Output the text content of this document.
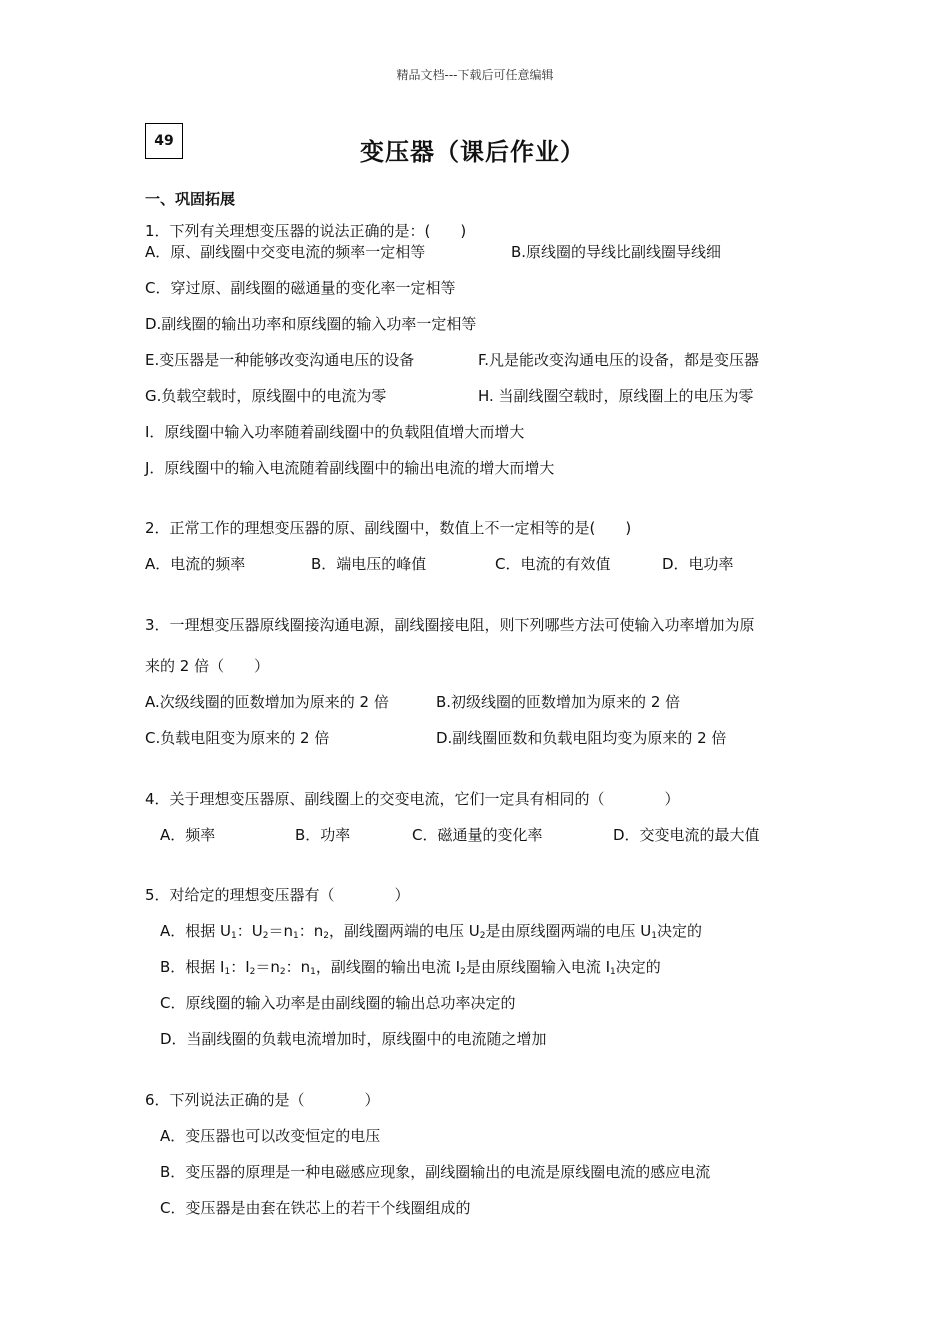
精品文档---下载后可任意编辑
49	变压器（课后作业）
一、巩固拓展
1．下列有关理想变压器的说法正确的是：(　　)
A．原、副线圈中交变电流的频率一定相等	B.原线圈的导线比副线圈导线细
C．穿过原、副线圈的磁通量的变化率一定相等
D.副线圈的输出功率和原线圈的输入功率一定相等
E.变压器是一种能够改变沟通电压的设备	F.凡是能改变沟通电压的设备，都是变压器
G.负载空载时，原线圈中的电流为零	H. 当副线圈空载时，原线圈上的电压为零
I．原线圈中输入功率随着副线圈中的负载阻值增大而增大
J．原线圈中的输入电流随着副线圈中的输出电流的增大而增大
2．正常工作的理想变压器的原、副线圈中，数值上不一定相等的是(　　)
A．电流的频率	B．端电压的峰值	C．电流的有效值	D．电功率
3．一理想变压器原线圈接沟通电源，副线圈接电阻，则下列哪些方法可使输入功率增加为原
来的 2 倍（　　）
A.次级线圈的匝数增加为原来的 2 倍	B.初级线圈的匝数增加为原来的 2 倍
C.负载电阻变为原来的 2 倍	D.副线圈匝数和负载电阻均变为原来的 2 倍
4．关于理想变压器原、副线圈上的交变电流，它们一定具有相同的（　　　　）
A．频率	B．功率	C．磁通量的变化率	D．交变电流的最大值
5．对给定的理想变压器有（　　　　）
A．根据 $U_1$：$U_2=n_1$：$n_2$，副线圈两端的电压 $U_2$是由原线圈两端的电压 $U_1$决定的
B．根据 $I_1$：$I_2=n_2$：$n_1$，副线圈的输出电流 $I_2$是由原线圈输入电流 $I_1$决定的
C．原线圈的输入功率是由副线圈的输出总功率决定的
D．当副线圈的负载电流增加时，原线圈中的电流随之增加
6．下列说法正确的是（　　　　）
A．变压器也可以改变恒定的电压
B．变压器的原理是一种电磁感应现象，副线圈输出的电流是原线圈电流的感应电流
C．变压器是由套在铁芯上的若干个线圈组成的
